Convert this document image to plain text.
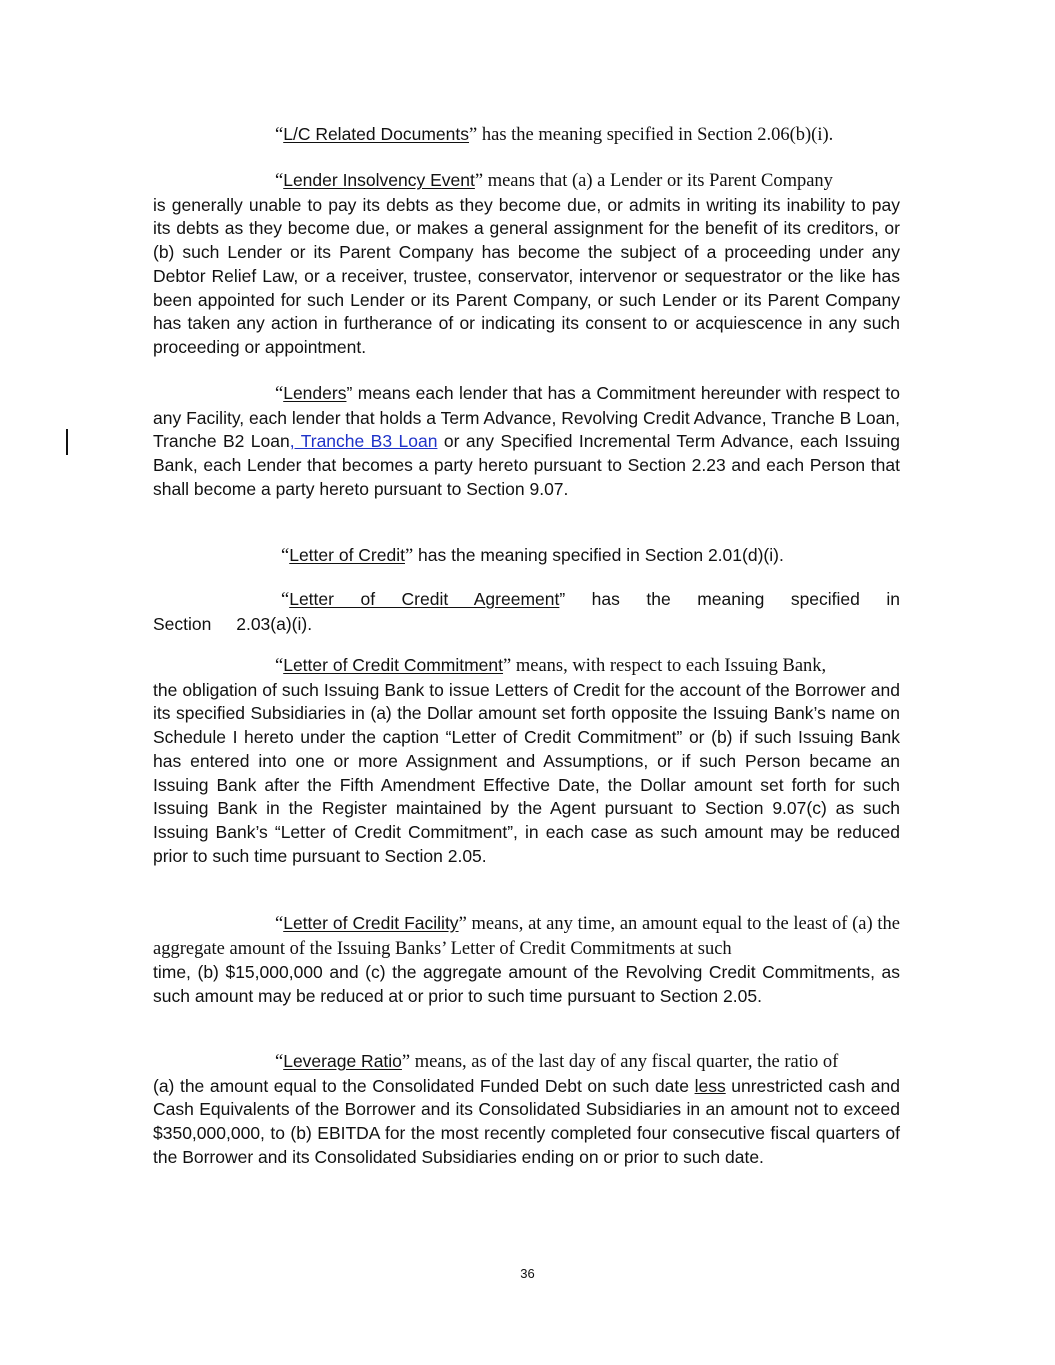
“L/C Related Documents” has the meaning specified in Section 2.06(b)(i).

“Lender Insolvency Event” means that (a) a Lender or its Parent Company

is generally unable to pay its debts as they become due, or admits in writing its inability to pay its debts as they become due, or makes a general assignment for the benefit of its creditors, or (b) such Lender or its Parent Company has become the subject of a proceeding under any Debtor Relief Law, or a receiver, trustee, conservator, intervenor or sequestrator or the like has been appointed for such Lender or its Parent Company, or such Lender or its Parent Company has taken any action in furtherance of or indicating its consent to or acquiescence in any such proceeding or appointment.

“Lenders” means each lender that has a Commitment hereunder with respect to any Facility, each lender that holds a Term Advance, Revolving Credit Advance, Tranche B Loan, Tranche B2 Loan, Tranche B3 Loan or any Specified Incremental Term Advance, each Issuing Bank, each Lender that becomes a party hereto pursuant to Section 2.23 and each Person that shall become a party hereto pursuant to Section 9.07.

“Letter of Credit” has the meaning specified in Section 2.01(d)(i).

“Letter of Credit Agreement” has the meaning specified in Section 2.03(a)(i).

“Letter of Credit Commitment” means, with respect to each Issuing Bank,

the obligation of such Issuing Bank to issue Letters of Credit for the account of the Borrower and its specified Subsidiaries in (a) the Dollar amount set forth opposite the Issuing Bank’s name on Schedule I hereto under the caption “Letter of Credit Commitment” or (b) if such Issuing Bank has entered into one or more Assignment and Assumptions, or if such Person became an Issuing Bank after the Fifth Amendment Effective Date, the Dollar amount set forth for such Issuing Bank in the Register maintained by the Agent pursuant to Section 9.07(c) as such Issuing Bank’s “Letter of Credit Commitment”, in each case as such amount may be reduced prior to such time pursuant to Section 2.05.

“Letter of Credit Facility” means, at any time, an amount equal to the least of (a) the aggregate amount of the Issuing Banks’ Letter of Credit Commitments at such

time, (b) $15,000,000 and (c) the aggregate amount of the Revolving Credit Commitments, as such amount may be reduced at or prior to such time pursuant to Section 2.05.

“Leverage Ratio” means, as of the last day of any fiscal quarter, the ratio of

(a) the amount equal to the Consolidated Funded Debt on such date less unrestricted cash and Cash Equivalents of the Borrower and its Consolidated Subsidiaries in an amount not to exceed $350,000,000, to (b) EBITDA for the most recently completed four consecutive fiscal quarters of the Borrower and its Consolidated Subsidiaries ending on or prior to such date.

36
